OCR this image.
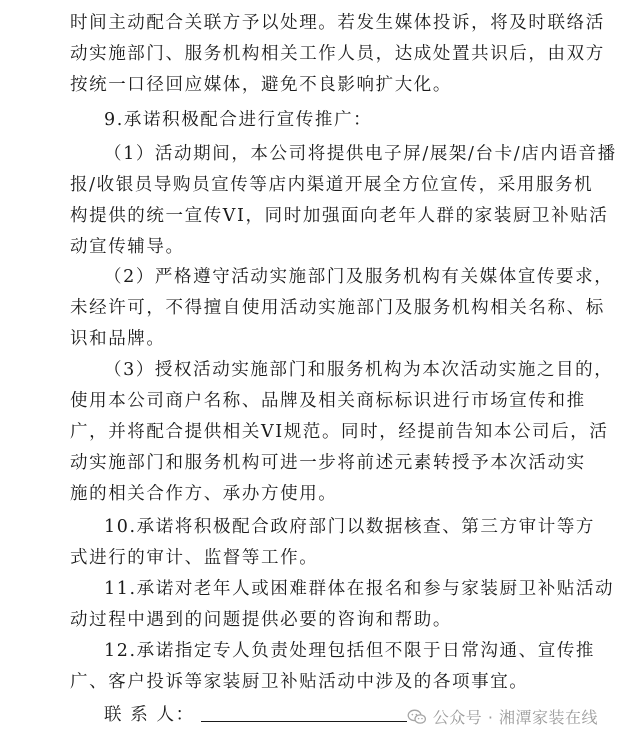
时间主动配合关联方予以处理。若发生媒体投诉，将及时联络活
动实施部门、服务机构相关工作人员，达成处置共识后，由双方
按统一口径回应媒体，避免不良影响扩大化。
9.承诺积极配合进行宣传推广：
（1）活动期间，本公司将提供电子屏/展架/台卡/店内语音播
报/收银员导购员宣传等店内渠道开展全方位宣传，采用服务机
构提供的统一宣传VI，同时加强面向老年人群的家装厨卫补贴活
动宣传辅导。
（2）严格遵守活动实施部门及服务机构有关媒体宣传要求，
未经许可，不得擅自使用活动实施部门及服务机构相关名称、标
识和品牌。
（3）授权活动实施部门和服务机构为本次活动实施之目的，
使用本公司商户名称、品牌及相关商标标识进行市场宣传和推
广，并将配合提供相关VI规范。同时，经提前告知本公司后，活
动实施部门和服务机构可进一步将前述元素转授予本次活动实
施的相关合作方、承办方使用。
10.承诺将积极配合政府部门以数据核查、第三方审计等方
式进行的审计、监督等工作。
11.承诺对老年人或困难群体在报名和参与家装厨卫补贴活动
动过程中遇到的问题提供必要的咨询和帮助。
12.承诺指定专人负责处理包括但不限于日常沟通、宣传推
广、客户投诉等家装厨卫补贴活动中涉及的各项事宜。
联 系 人：	公众号 · 湘潭家装在线
